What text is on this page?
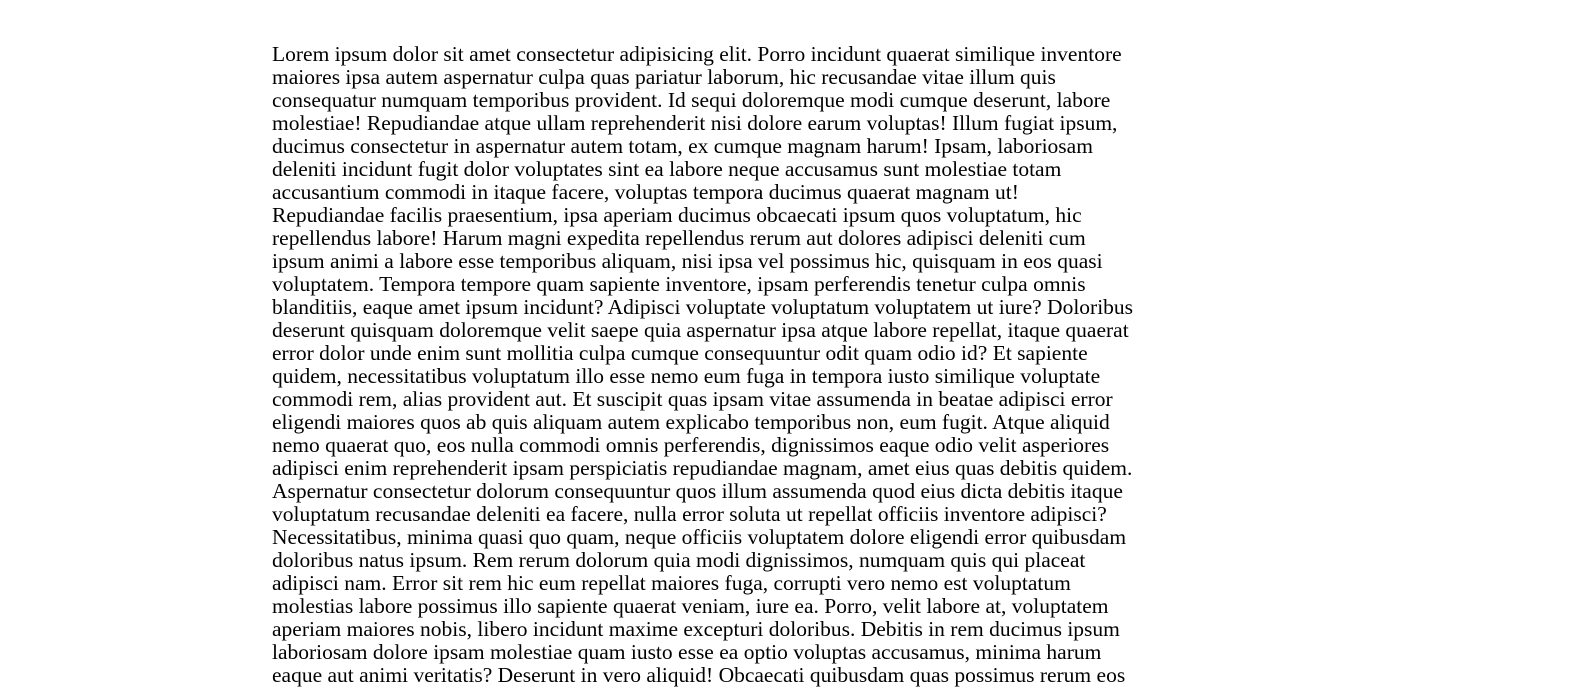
Lorem ipsum dolor sit amet consectetur adipisicing elit. Porro incidunt quaerat similique inventore
maiores ipsa autem aspernatur culpa quas pariatur laborum, hic recusandae vitae illum quis
consequatur numquam temporibus provident. Id sequi doloremque modi cumque deserunt, labore
molestiae! Repudiandae atque ullam reprehenderit nisi dolore earum voluptas! Illum fugiat ipsum,
ducimus consectetur in aspernatur autem totam, ex cumque magnam harum! Ipsam, laboriosam
deleniti incidunt fugit dolor voluptates sint ea labore neque accusamus sunt molestiae totam
accusantium commodi in itaque facere, voluptas tempora ducimus quaerat magnam ut!
Repudiandae facilis praesentium, ipsa aperiam ducimus obcaecati ipsum quos voluptatum, hic
repellendus labore! Harum magni expedita repellendus rerum aut dolores adipisci deleniti cum
ipsum animi a labore esse temporibus aliquam, nisi ipsa vel possimus hic, quisquam in eos quasi
voluptatem. Tempora tempore quam sapiente inventore, ipsam perferendis tenetur culpa omnis
blanditiis, eaque amet ipsum incidunt? Adipisci voluptate voluptatum voluptatem ut iure? Doloribus
deserunt quisquam doloremque velit saepe quia aspernatur ipsa atque labore repellat, itaque quaerat
error dolor unde enim sunt mollitia culpa cumque consequuntur odit quam odio id? Et sapiente
quidem, necessitatibus voluptatum illo esse nemo eum fuga in tempora iusto similique voluptate
commodi rem, alias provident aut. Et suscipit quas ipsam vitae assumenda in beatae adipisci error
eligendi maiores quos ab quis aliquam autem explicabo temporibus non, eum fugit. Atque aliquid
nemo quaerat quo, eos nulla commodi omnis perferendis, dignissimos eaque odio velit asperiores
adipisci enim reprehenderit ipsam perspiciatis repudiandae magnam, amet eius quas debitis quidem.
Aspernatur consectetur dolorum consequuntur quos illum assumenda quod eius dicta debitis itaque
voluptatum recusandae deleniti ea facere, nulla error soluta ut repellat officiis inventore adipisci?
Necessitatibus, minima quasi quo quam, neque officiis voluptatem dolore eligendi error quibusdam
doloribus natus ipsum. Rem rerum dolorum quia modi dignissimos, numquam quis qui placeat
adipisci nam. Error sit rem hic eum repellat maiores fuga, corrupti vero nemo est voluptatum
molestias labore possimus illo sapiente quaerat veniam, iure ea. Porro, velit labore at, voluptatem
aperiam maiores nobis, libero incidunt maxime excepturi doloribus. Debitis in rem ducimus ipsum
laboriosam dolore ipsam molestiae quam iusto esse ea optio voluptas accusamus, minima harum
eaque aut animi veritatis? Deserunt in vero aliquid! Obcaecati quibusdam quas possimus rerum eos
